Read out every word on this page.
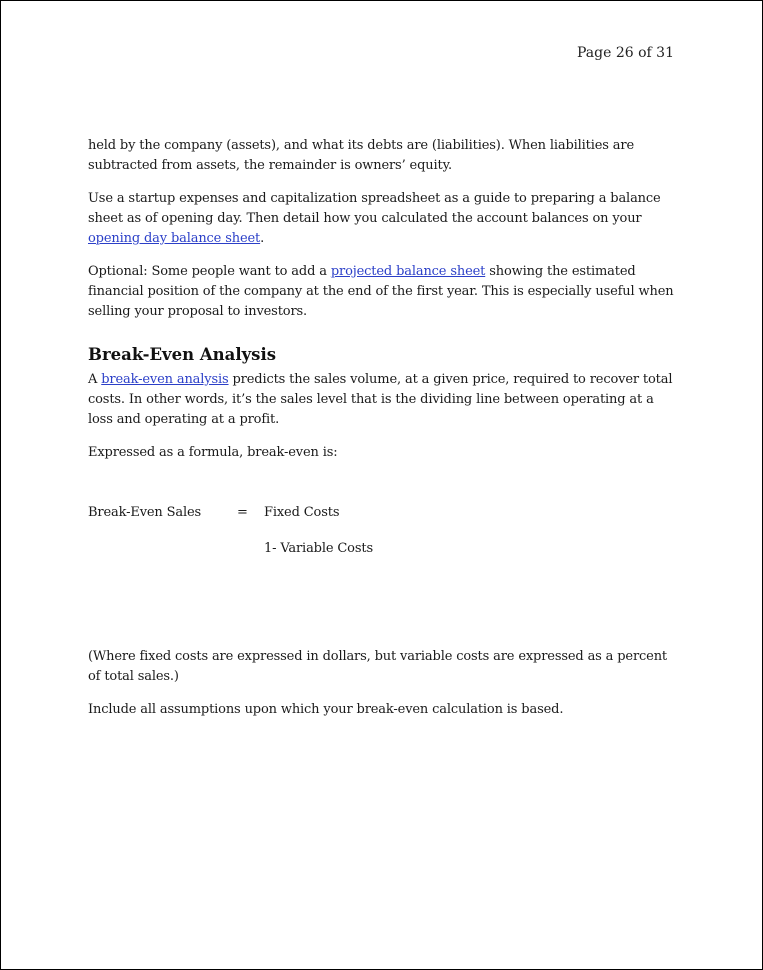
Page 26 of 31

held by the company (assets), and what its debts are (liabilities). When liabilities are subtracted from assets, the remainder is owners’ equity.

Use a startup expenses and capitalization spreadsheet as a guide to preparing a balance sheet as of opening day. Then detail how you calculated the account balances on your opening day balance sheet.

Optional: Some people want to add a projected balance sheet showing the estimated financial position of the company at the end of the first year. This is especially useful when selling your proposal to investors.

Break-Even Analysis

A break-even analysis predicts the sales volume, at a given price, required to recover total costs. In other words, it’s the sales level that is the dividing line between operating at a loss and operating at a profit.

Expressed as a formula, break-even is:

Break-Even Sales	= Fixed Costs
1- Variable Costs

(Where fixed costs are expressed in dollars, but variable costs are expressed as a percent of total sales.)

Include all assumptions upon which your break-even calculation is based.
